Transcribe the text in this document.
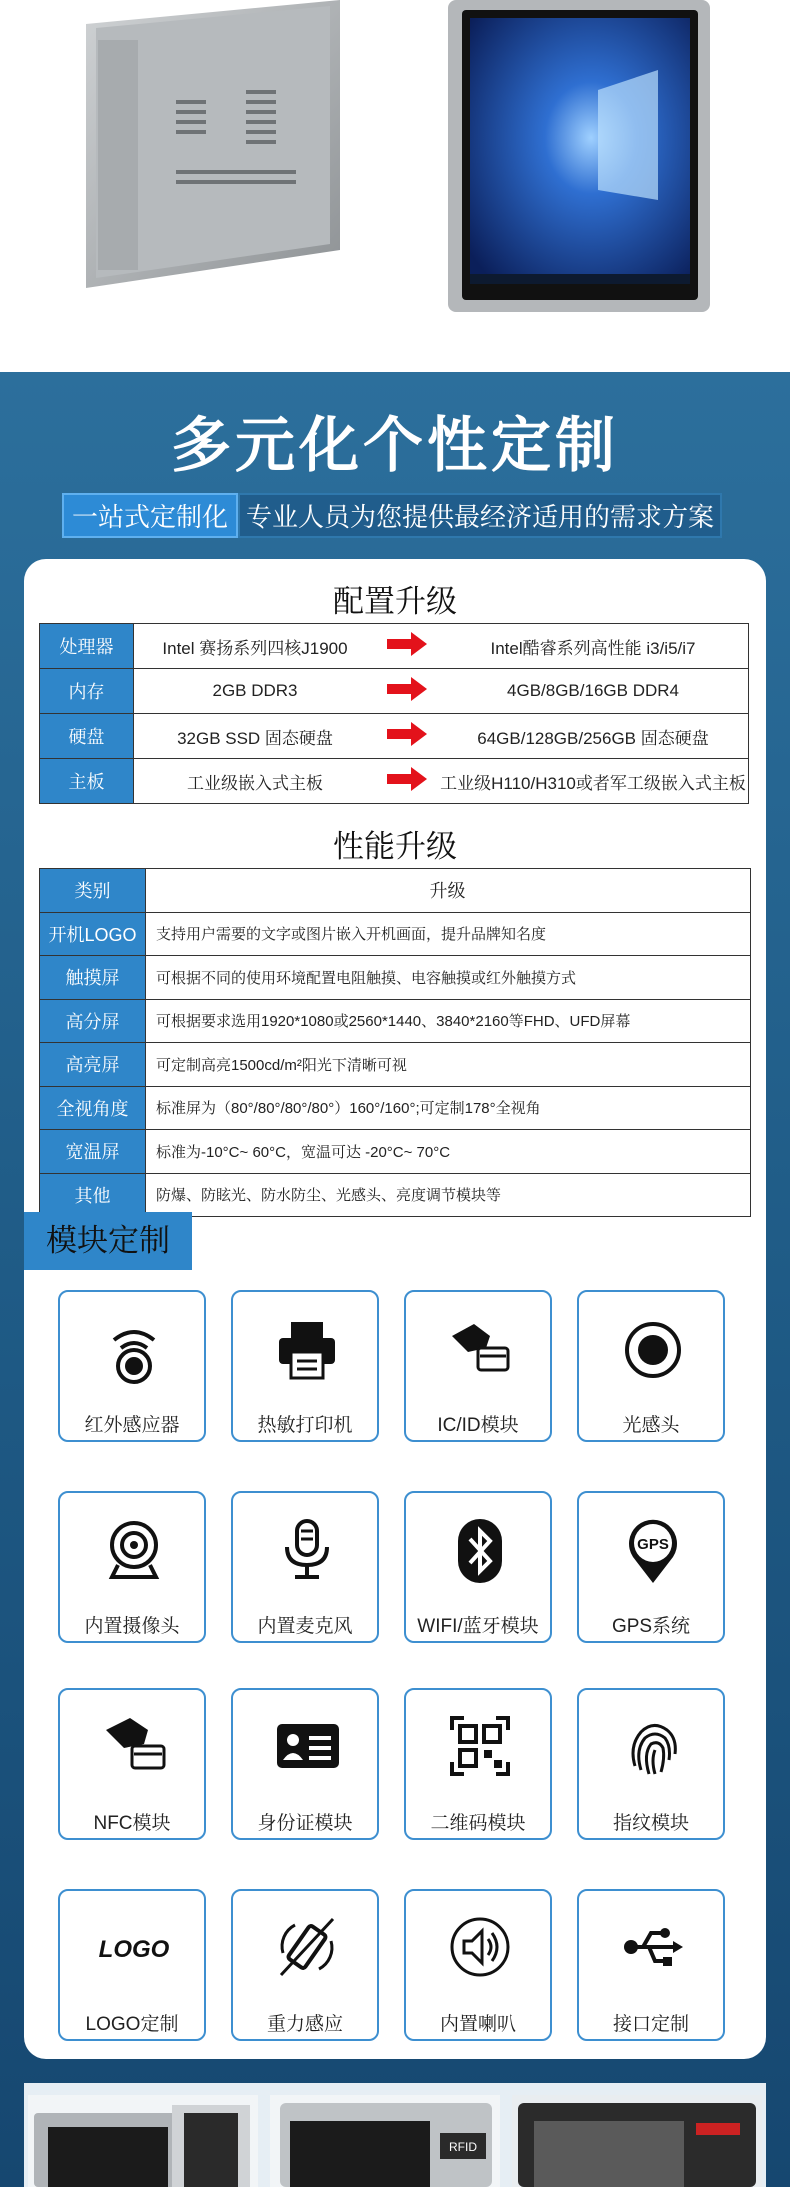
多元化个性定制
一站式定制化 专业人员为您提供最经济适用的需求方案
配置升级
处理器	Intel 赛扬系列四核J1900		Intel酷睿系列高性能 i3/i5/i7
内存	2GB DDR3		4GB/8GB/16GB DDR4
硬盘	32GB SSD 固态硬盘		64GB/128GB/256GB 固态硬盘
主板	工业级嵌入式主板		工业级H110/H310或者军工级嵌入式主板
性能升级
类别	升级
开机LOGO	支持用户需要的文字或图片嵌入开机画面，提升品牌知名度
触摸屏	可根据不同的使用环境配置电阻触摸、电容触摸或红外触摸方式
高分屏	可根据要求选用1920*1080或2560*1440、3840*2160等FHD、UFD屏幕
高亮屏	可定制高亮1500cd/m²阳光下清晰可视
全视角度	标准屏为（80°/80°/80°/80°）160°/160°;可定制178°全视角
宽温屏	标准为-10°C~ 60°C，宽温可达 -20°C~ 70°C
其他	防爆、防眩光、防水防尘、光感头、亮度调节模块等
模块定制
红外感应器	热敏打印机	IC/ID模块	光感头
内置摄像头	内置麦克风	WIFI/蓝牙模块
GPS
GPS系统
NFC模块	身份证模块	二维码模块	指纹模块
LOGO
LOGO定制	重力感应	内置喇叭	接口定制
RFID
